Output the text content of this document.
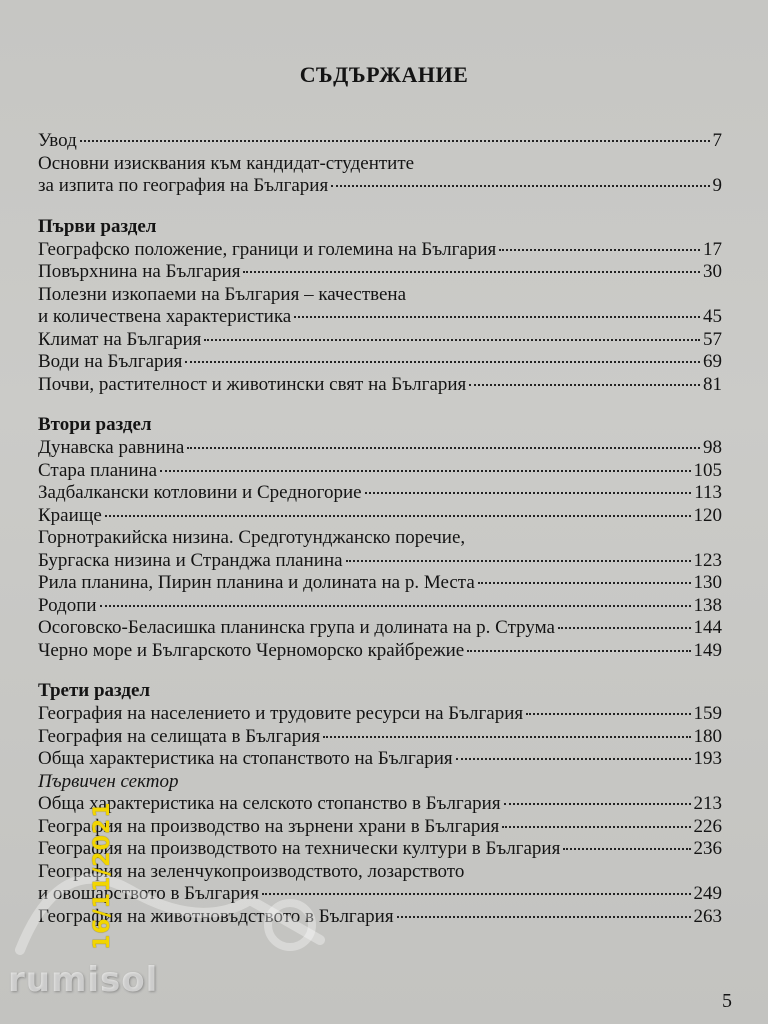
СЪДЪРЖАНИЕ
Увод	7
Основни изисквания към кандидат-студентите
за изпита по география на България	9
Първи раздел
Географско положение, граници и големина на България	17
Повърхнина на България	30
Полезни изкопаеми на България – качествена
и количествена характеристика	45
Климат на България	57
Води на България	69
Почви, растителност и животински свят на България	81
Втори раздел
Дунавска равнина	98
Стара планина	105
Задбалкански котловини и Средногорие	113
Краище	120
Горнотракийска низина. Средготунджанско поречие,
Бургаска низина и Странджа планина	123
Рила планина, Пирин планина и долината на р. Места	130
Родопи	138
Осоговско-Беласишка планинска група и долината на р. Струма	144
Черно море и Българското Черноморско крайбрежие	149
Трети раздел
География на населението и трудовите ресурси на България	159
География на селищата в България	180
Обща характеристика на стопанството на България	193
Първичен сектор
Обща характеристика на селското стопанство в България	213
География на производство на зърнени храни в България	226
География на производството на технически култури в България	236
География на зеленчукопроизводството, лозарството
и овощарството в България	249
География на животновъдството в България	263
16/11/2021
rumisol
5
